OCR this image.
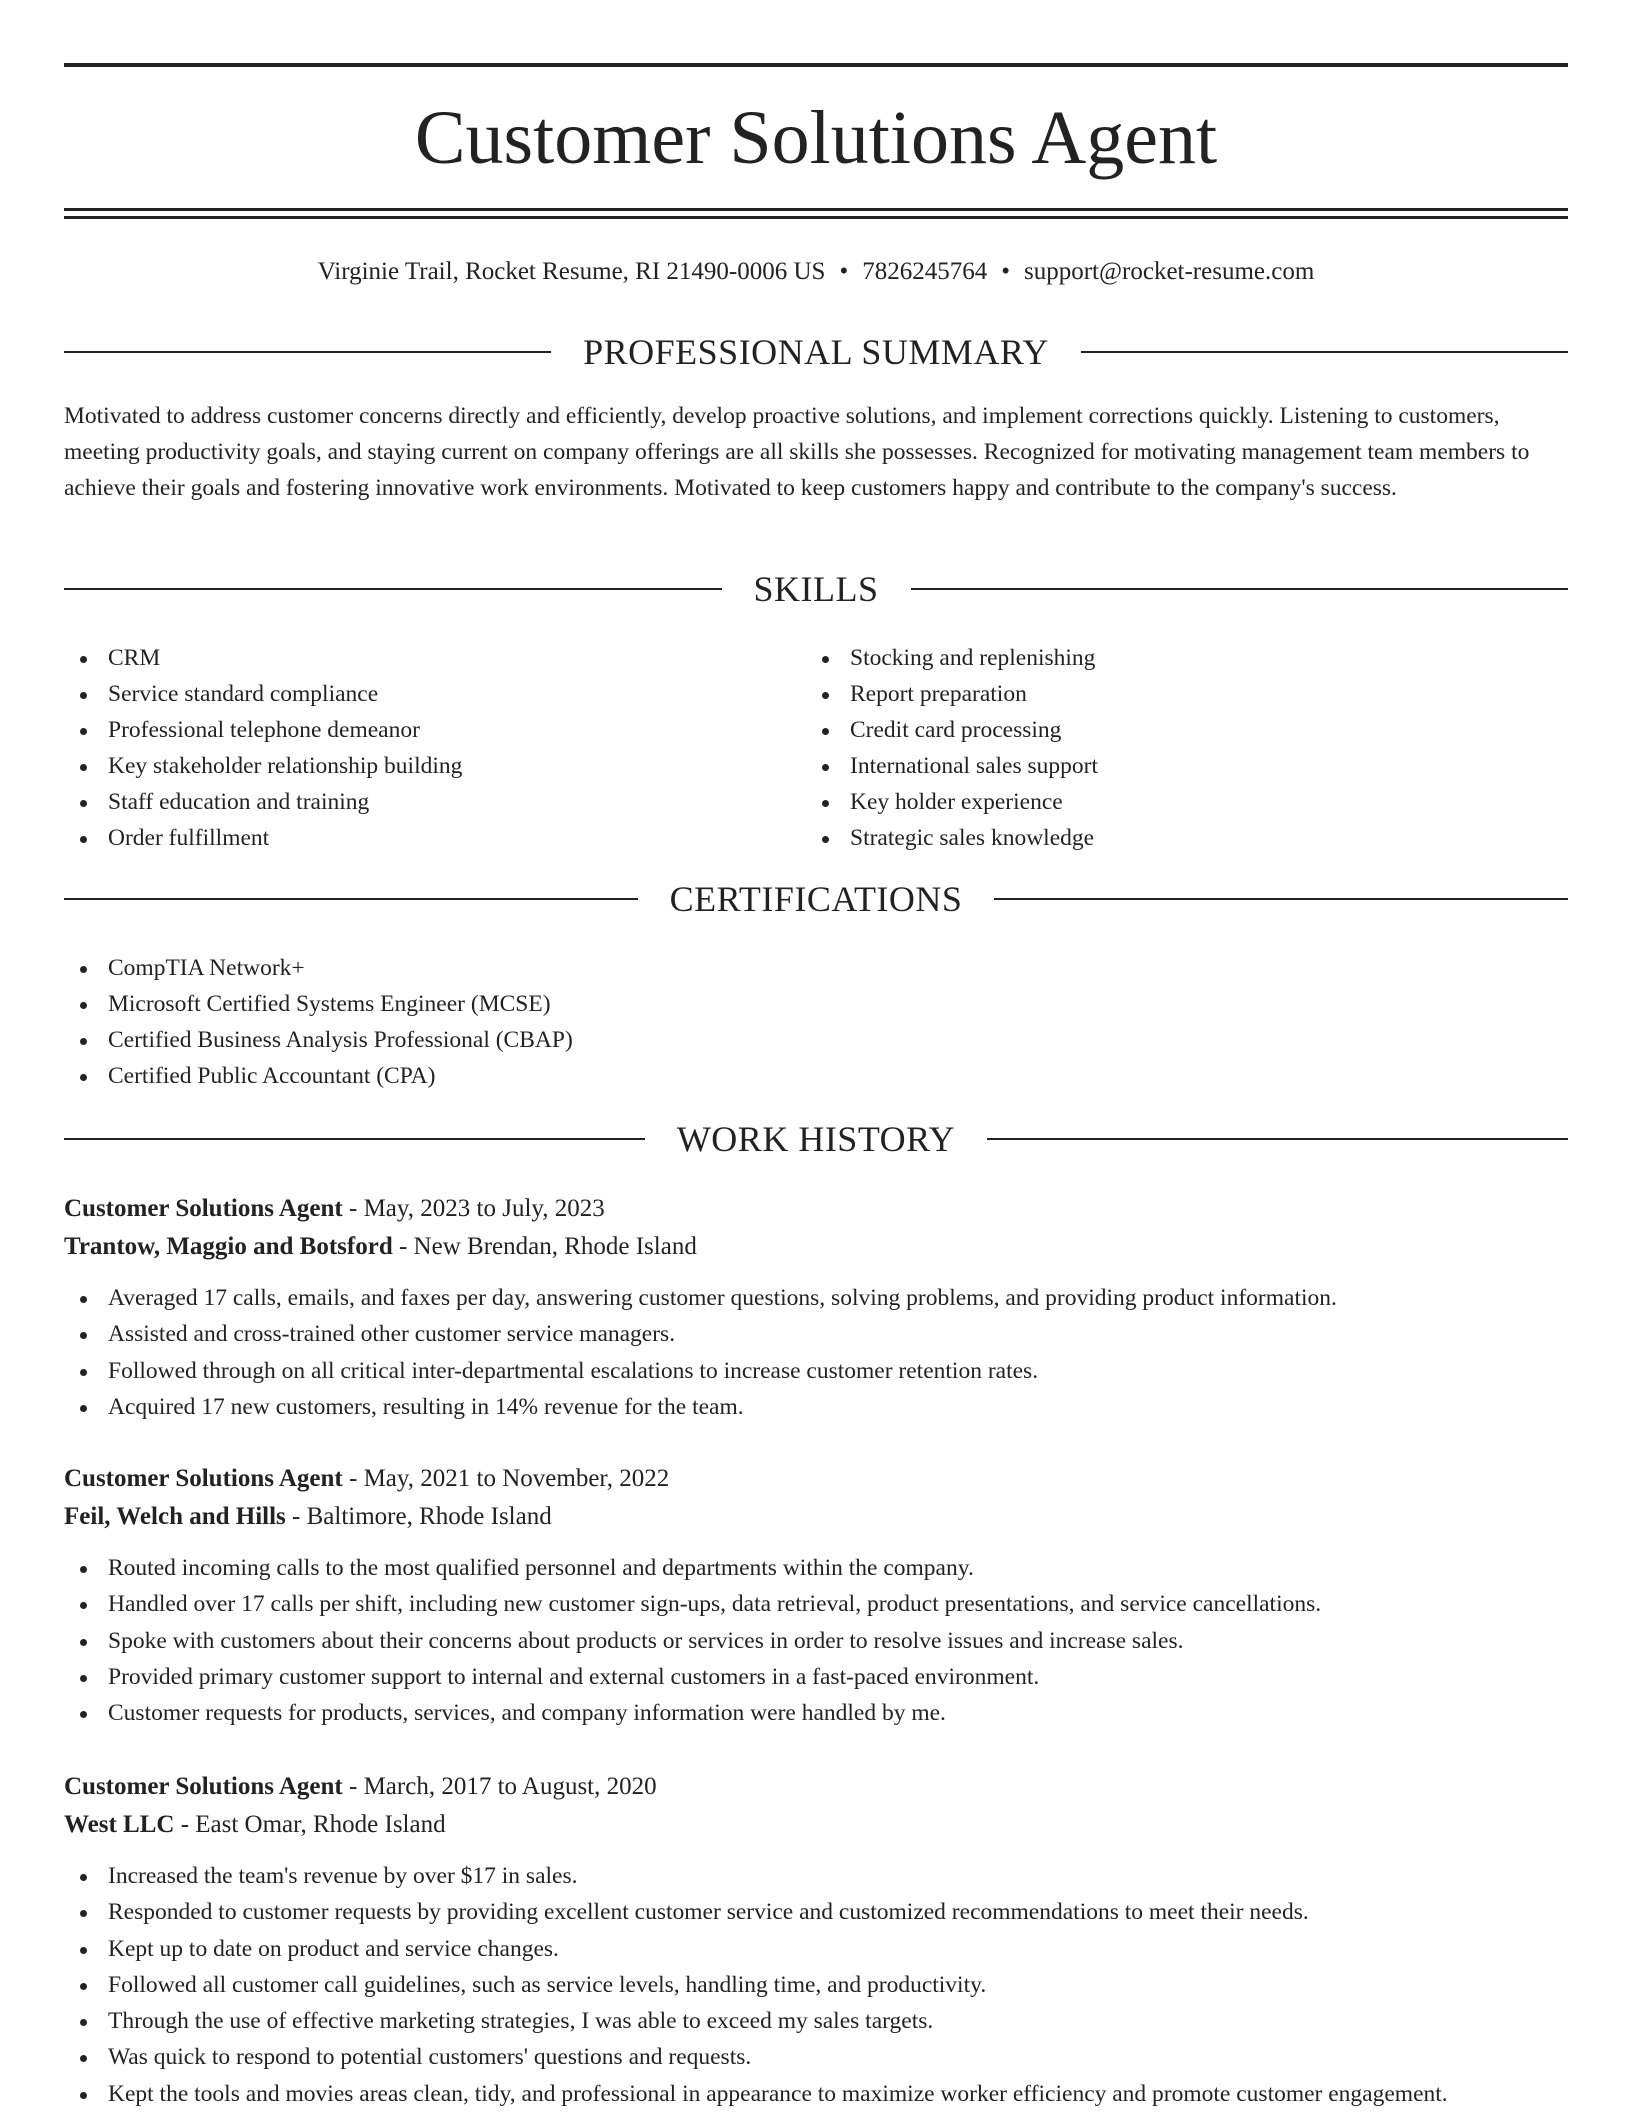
Customer Solutions Agent
Virginie Trail, Rocket Resume, RI 21490-0006 US • 7826245764 • support@rocket-resume.com
PROFESSIONAL SUMMARY

Motivated to address customer concerns directly and efficiently, develop proactive solutions, and implement corrections quickly. Listening to customers, meeting productivity goals, and staying current on company offerings are all skills she possesses. Recognized for motivating management team members to achieve their goals and fostering innovative work environments. Motivated to keep customers happy and contribute to the company's success.

SKILLS
CRM
Service standard compliance
Professional telephone demeanor
Key stakeholder relationship building
Staff education and training
Order fulfillment
Stocking and replenishing
Report preparation
Credit card processing
International sales support
Key holder experience
Strategic sales knowledge
CERTIFICATIONS
CompTIA Network+
Microsoft Certified Systems Engineer (MCSE)
Certified Business Analysis Professional (CBAP)
Certified Public Accountant (CPA)
WORK HISTORY
Customer Solutions Agent - May, 2023 to July, 2023
Trantow, Maggio and Botsford - New Brendan, Rhode Island
Averaged 17 calls, emails, and faxes per day, answering customer questions, solving problems, and providing product information.
Assisted and cross-trained other customer service managers.
Followed through on all critical inter-departmental escalations to increase customer retention rates.
Acquired 17 new customers, resulting in 14% revenue for the team.
Customer Solutions Agent - May, 2021 to November, 2022
Feil, Welch and Hills - Baltimore, Rhode Island
Routed incoming calls to the most qualified personnel and departments within the company.
Handled over 17 calls per shift, including new customer sign-ups, data retrieval, product presentations, and service cancellations.
Spoke with customers about their concerns about products or services in order to resolve issues and increase sales.
Provided primary customer support to internal and external customers in a fast-paced environment.
Customer requests for products, services, and company information were handled by me.
Customer Solutions Agent - March, 2017 to August, 2020
West LLC - East Omar, Rhode Island
Increased the team's revenue by over $17 in sales.
Responded to customer requests by providing excellent customer service and customized recommendations to meet their needs.
Kept up to date on product and service changes.
Followed all customer call guidelines, such as service levels, handling time, and productivity.
Through the use of effective marketing strategies, I was able to exceed my sales targets.
Was quick to respond to potential customers' questions and requests.
Kept the tools and movies areas clean, tidy, and professional in appearance to maximize worker efficiency and promote customer engagement.
